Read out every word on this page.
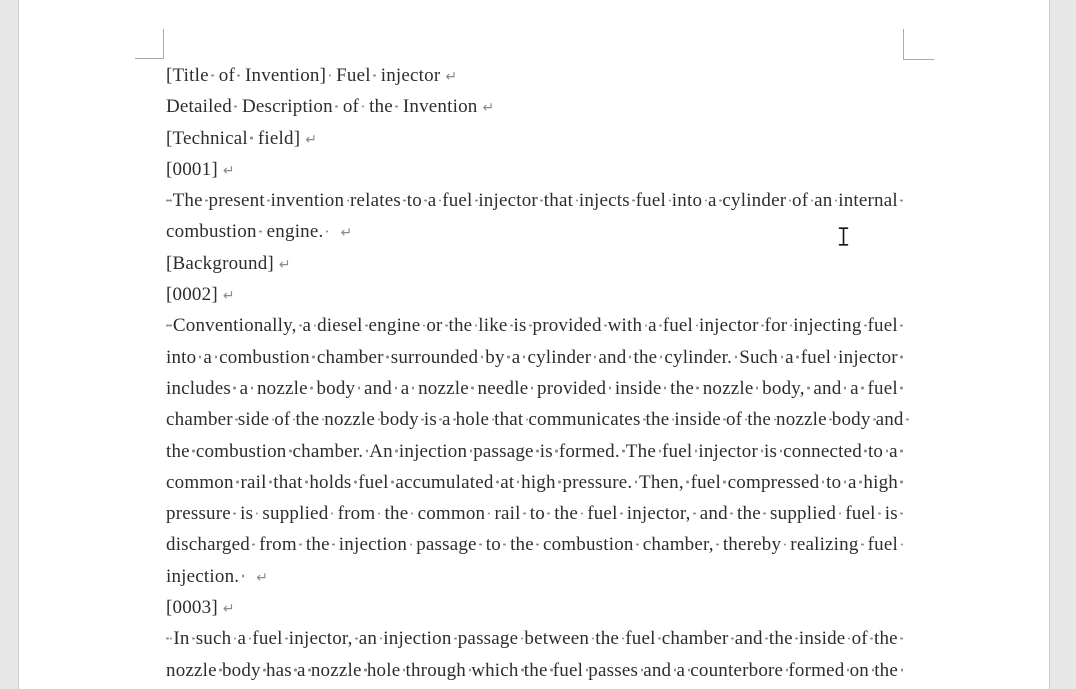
[Title of Invention] Fuel injector ↵
Detailed Description of the Invention ↵
[Technical field] ↵
[0001] ↵
The present invention relates to a fuel injector that injects fuel into a cylinder of an internal
combustion engine.	↵
[Background] ↵
[0002] ↵
Conventionally, a diesel engine or the like is provided with a fuel injector for injecting fuel
into a combustion chamber surrounded by a cylinder and the cylinder. Such a fuel injector
includes a nozzle body and a nozzle needle provided inside the nozzle body, and a fuel
chamber side of the nozzle body is a hole that communicates the inside of the nozzle body and
the combustion chamber. An injection passage is formed. The fuel injector is connected to a
common rail that holds fuel accumulated at high pressure. Then, fuel compressed to a high
pressure is supplied from the common rail to the fuel injector, and the supplied fuel is
discharged from the injection passage to the combustion chamber, thereby realizing fuel
injection.	↵
[0003] ↵
In such a fuel injector, an injection passage between the fuel chamber and the inside of the
nozzle body has a nozzle hole through which the fuel passes and a counterbore formed on the
